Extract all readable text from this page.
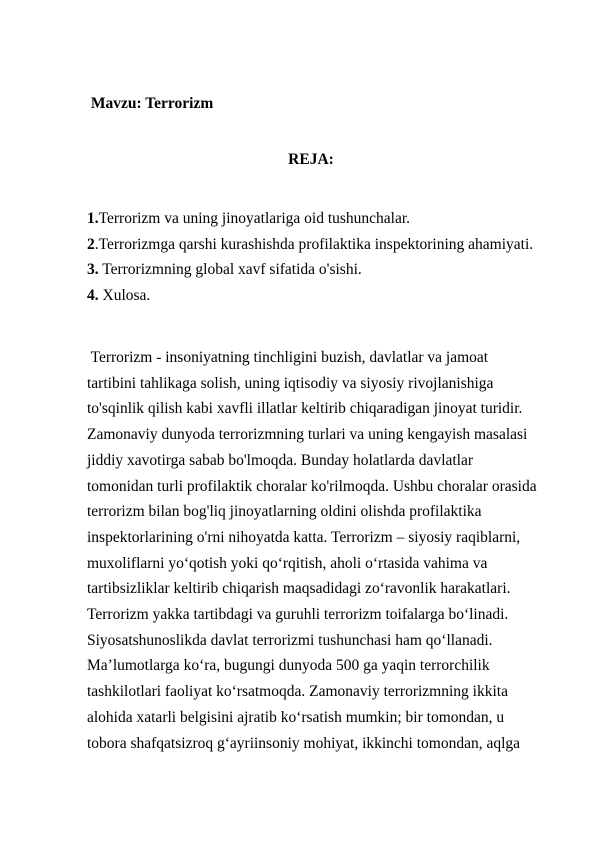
Mavzu: Terrorizm
REJA:
1.Terrorizm va uning jinoyatlariga oid tushunchalar.
2.Terrorizmga qarshi kurashishda profilaktika inspektorining ahamiyati.
3. Terrorizmning global xavf sifatida o'sishi.
4. Xulosa.
Terrorizm - insoniyatning tinchligini buzish, davlatlar va jamoat
tartibini tahlikaga solish, uning iqtisodiy va siyosiy rivojlanishiga
to'sqinlik qilish kabi xavfli illatlar keltirib chiqaradigan jinoyat turidir.
Zamonaviy dunyoda terrorizmning turlari va uning kengayish masalasi
jiddiy xavotirga sabab bo'lmoqda. Bunday holatlarda davlatlar
tomonidan turli profilaktik choralar ko'rilmoqda. Ushbu choralar orasida
terrorizm bilan bog'liq jinoyatlarning oldini olishda profilaktika
inspektorlarining o'rni nihoyatda katta. Terrorizm – siyosiy raqiblarni,
muxoliflarni yo‘qotish yoki qo‘rqitish, aholi o‘rtasida vahima va
tartibsizliklar keltirib chiqarish maqsadidagi zo‘ravonlik harakatlari.
Terrorizm yakka tartibdagi va guruhli terrorizm toifalarga bo‘linadi.
Siyosatshunoslikda davlat terrorizmi tushunchasi ham qo‘llanadi.
Ma’lumotlarga ko‘ra, bugungi dunyoda 500 ga yaqin terrorchilik
tashkilotlari faoliyat ko‘rsatmoqda. Zamonaviy terrorizmning ikkita
alohida xatarli belgisini ajratib ko‘rsatish mumkin; bir tomondan, u
tobora shafqatsizroq g‘ayriinsoniy mohiyat, ikkinchi tomondan, aqlga
